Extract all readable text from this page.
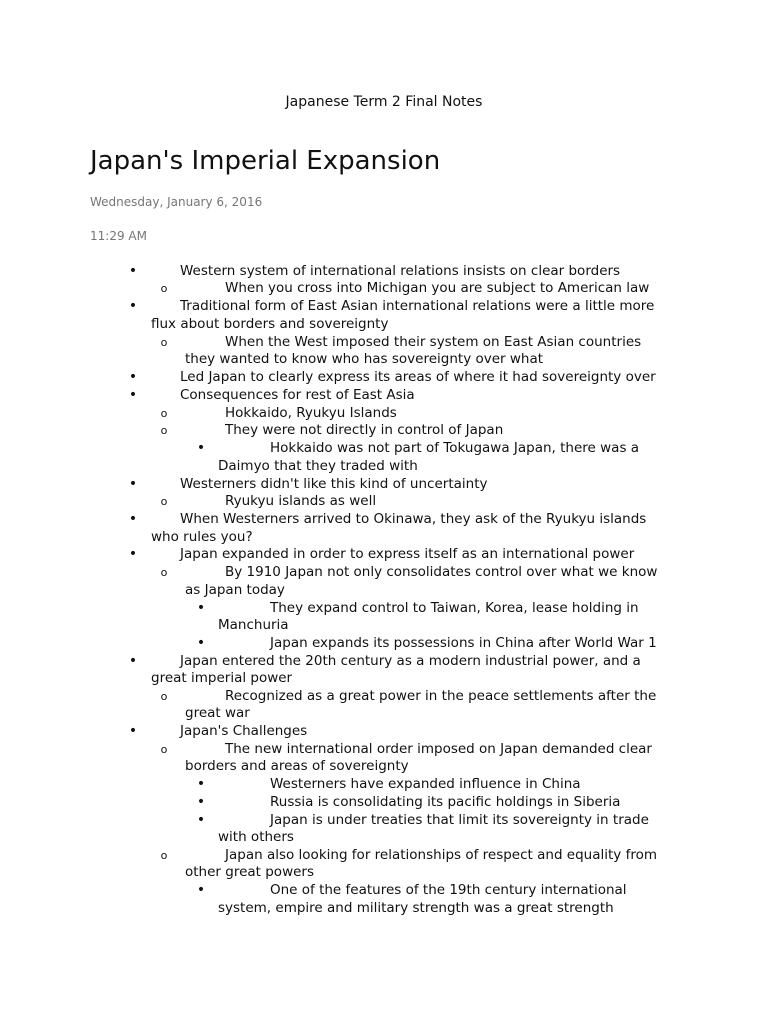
Japanese Term 2 Final Notes
Japan's Imperial Expansion
Wednesday, January 6, 2016
11:29 AM
•	Western system of international relations insists on clear borders
o	When you cross into Michigan you are subject to American law
•	Traditional form of East Asian international relations were a little more flux about borders and sovereignty
o	When the West imposed their system on East Asian countries they wanted to know who has sovereignty over what
•	Led Japan to clearly express its areas of where it had sovereignty over
•	Consequences for rest of East Asia
o	Hokkaido, Ryukyu Islands
o	They were not directly in control of Japan
•	Hokkaido was not part of Tokugawa Japan, there was a Daimyo that they traded with
•	Westerners didn't like this kind of uncertainty
o	Ryukyu islands as well
•	When Westerners arrived to Okinawa, they ask of the Ryukyu islands who rules you?
•	Japan expanded in order to express itself as an international power
o	By 1910 Japan not only consolidates control over what we know as Japan today
•	They expand control to Taiwan, Korea, lease holding in Manchuria
•	Japan expands its possessions in China after World War 1
•	Japan entered the 20th century as a modern industrial power, and a great imperial power
o	Recognized as a great power in the peace settlements after the great war
•	Japan's Challenges
o	The new international order imposed on Japan demanded clear borders and areas of sovereignty
•	Westerners have expanded influence in China
•	Russia is consolidating its pacific holdings in Siberia
•	Japan is under treaties that limit its sovereignty in trade with others
o	Japan also looking for relationships of respect and equality from other great powers
•	One of the features of the 19th century international system, empire and military strength was a great strength
